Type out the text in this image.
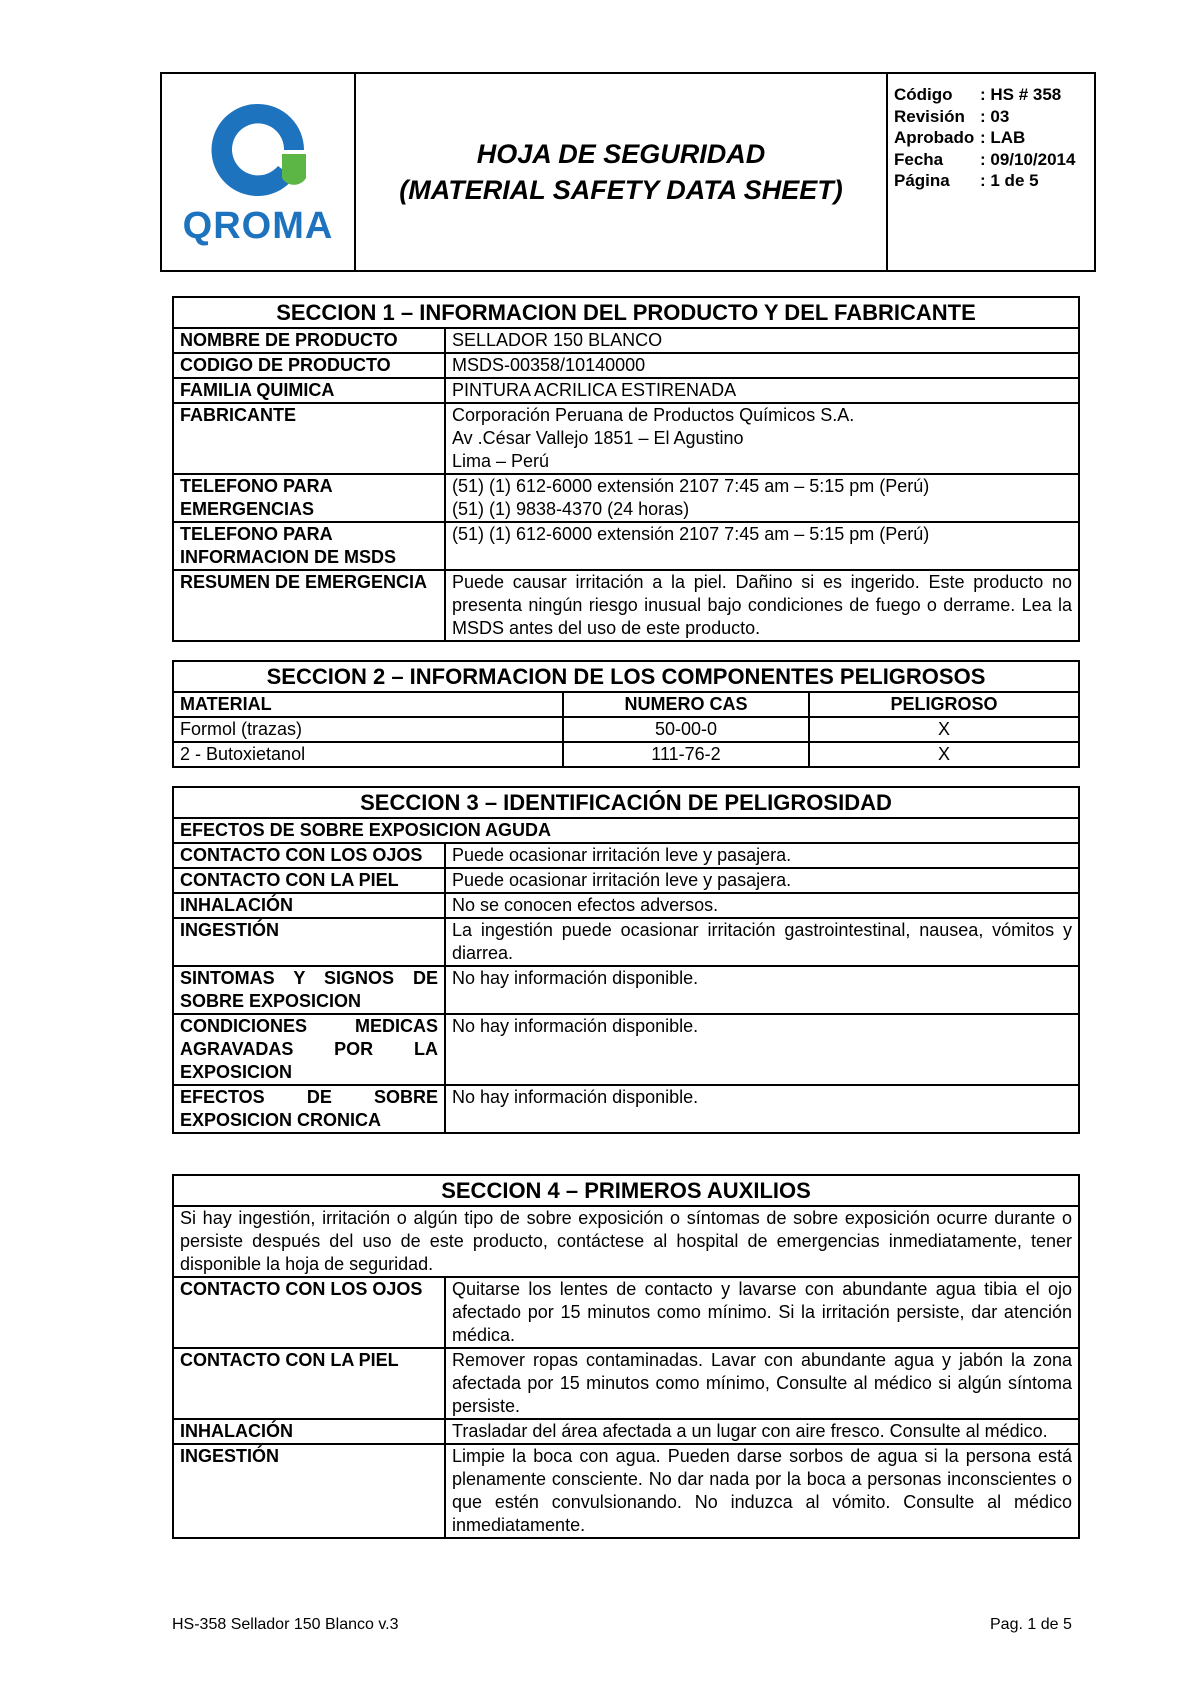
QROMA

HOJA DE SEGURIDAD
(MATERIAL SAFETY DATA SHEET)

Código	: HS # 358
Revisión : 03
Aprobado : LAB
Fecha	: 09/10/2014
Página	: 1 de 5
SECCION 1 – INFORMACION DEL PRODUCTO Y DEL FABRICANTE	
NOMBRE DE PRODUCTO	SELLADOR 150 BLANCO

CODIGO DE PRODUCTO	MSDS-00358/10140000

FAMILIA QUIMICA	PINTURA ACRILICA ESTIRENADA

FABRICANTE	Corporación Peruana de Productos Químicos S.A.
Av .César Vallejo 1851 – El Agustino
Lima – Perú

TELEFONO PARA EMERGENCIAS	(51) (1) 612-6000 extensión 2107 7:45 am – 5:15 pm (Perú)
(51) (1) 9838-4370 (24 horas)

TELEFONO PARA INFORMACION DE MSDS	(51) (1) 612-6000 extensión 2107 7:45 am – 5:15 pm (Perú)

RESUMEN DE EMERGENCIA	Puede causar irritación a la piel. Dañino si es ingerido. Este producto no presenta ningún riesgo inusual bajo condiciones de fuego o derrame. Lea la MSDS antes del uso de este producto.
SECCION 2 – INFORMACION DE LOS COMPONENTES PELIGROSOS		
MATERIAL	NUMERO CAS	PELIGROSO
Formol (trazas)	50-00-0	X
2 - Butoxietanol	111-76-2	X
SECCION 3 – IDENTIFICACIÓN DE PELIGROSIDAD	
EFECTOS DE SOBRE EXPOSICION AGUDA	
CONTACTO CON LOS OJOS	Puede ocasionar irritación leve y pasajera.
CONTACTO CON LA PIEL	Puede ocasionar irritación leve y pasajera.
INHALACIÓN	No se conocen efectos adversos.
INGESTIÓN	La ingestión puede ocasionar irritación gastrointestinal, nausea, vómitos y diarrea.
SINTOMAS Y SIGNOS DE SOBRE EXPOSICION	No hay información disponible.
CONDICIONES MEDICAS AGRAVADAS POR LA EXPOSICION	No hay información disponible.
EFECTOS DE SOBRE EXPOSICION CRONICA	No hay información disponible.
SECCION 4 – PRIMEROS AUXILIOS	
Si hay ingestión, irritación o algún tipo de sobre exposición o síntomas de sobre exposición ocurre durante o persiste después del uso de este producto, contáctese al hospital de emergencias inmediatamente, tener disponible la hoja de seguridad.	
CONTACTO CON LOS OJOS	Quitarse los lentes de contacto y lavarse con abundante agua tibia el ojo afectado por 15 minutos como mínimo. Si la irritación persiste, dar atención médica.
CONTACTO CON LA PIEL	Remover ropas contaminadas. Lavar con abundante agua y jabón la zona afectada por 15 minutos como mínimo, Consulte al médico si algún síntoma persiste.
INHALACIÓN	Trasladar del área afectada a un lugar con aire fresco. Consulte al médico.
INGESTIÓN	Limpie la boca con agua. Pueden darse sorbos de agua si la persona está plenamente consciente. No dar nada por la boca a personas inconscientes o que estén convulsionando. No induzca al vómito. Consulte al médico inmediatamente.
HS-358 Sellador 150 Blanco v.3	Pag. 1 de 5
